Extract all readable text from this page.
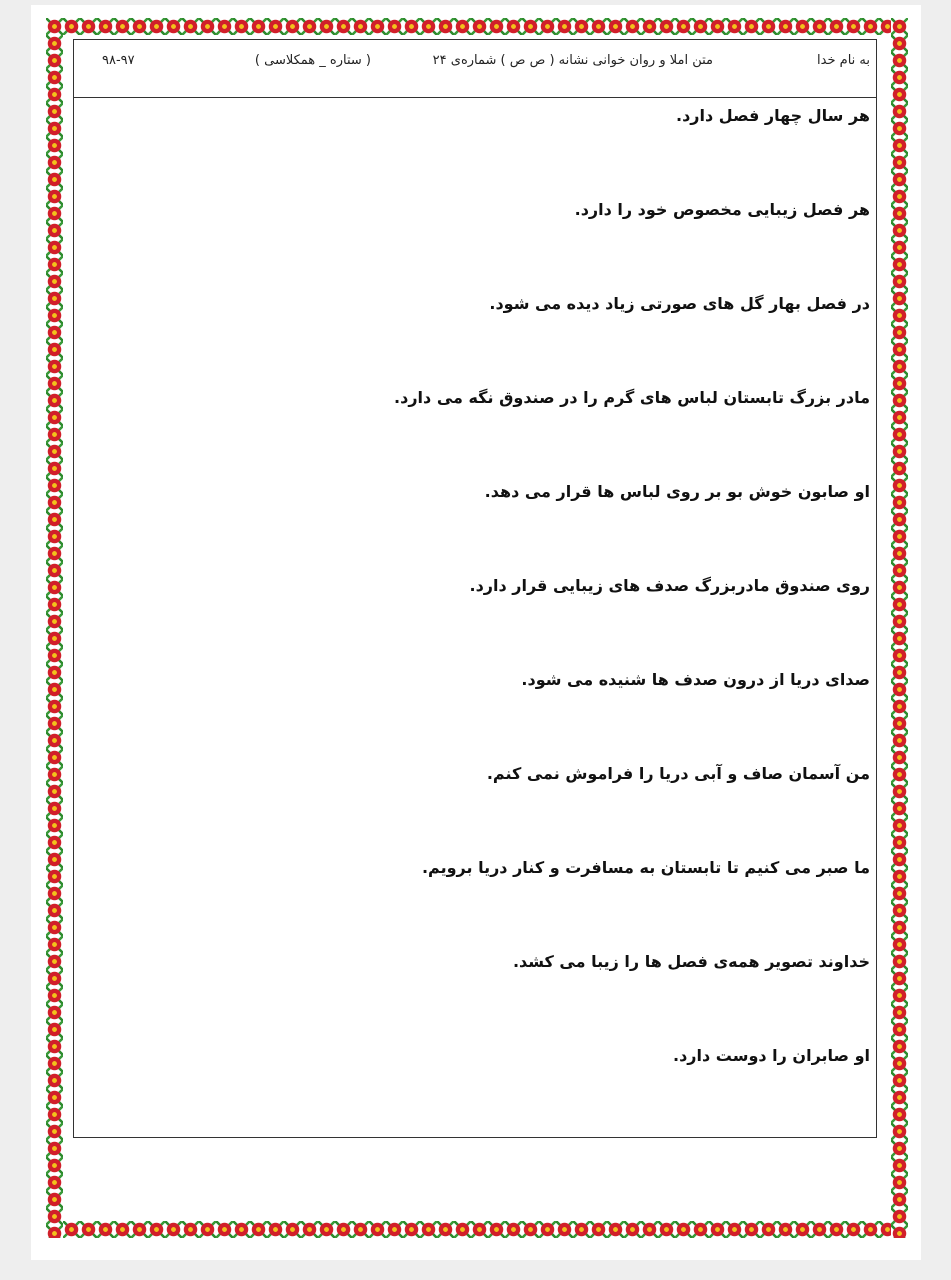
به نام خدا
متن املا و روان خوانی نشانه ( ص ص ) شماره‌ی ۲۴
( ستاره _ همکلاسی )
۹۸-۹۷
هر سال چهار فصل دارد.
هر فصل زیبایی مخصوص خود را دارد.
در فصل بهار گل های صورتی زیاد دیده می شود.
مادر بزرگ تابستان لباس های گرم را در صندوق نگه می دارد.
او صابون خوش بو بر روی لباس ها قرار می دهد.
روی صندوق مادربزرگ صدف های زیبایی قرار دارد.
صدای دریا از درون صدف ها شنیده می شود.
من آسمان صاف و آبی دریا را فراموش نمی کنم.
ما صبر می کنیم تا تابستان به مسافرت و کنار دریا برویم.
خداوند تصویر همه‌ی فصل ها را زیبا می کشد.
او صابران را دوست دارد.
